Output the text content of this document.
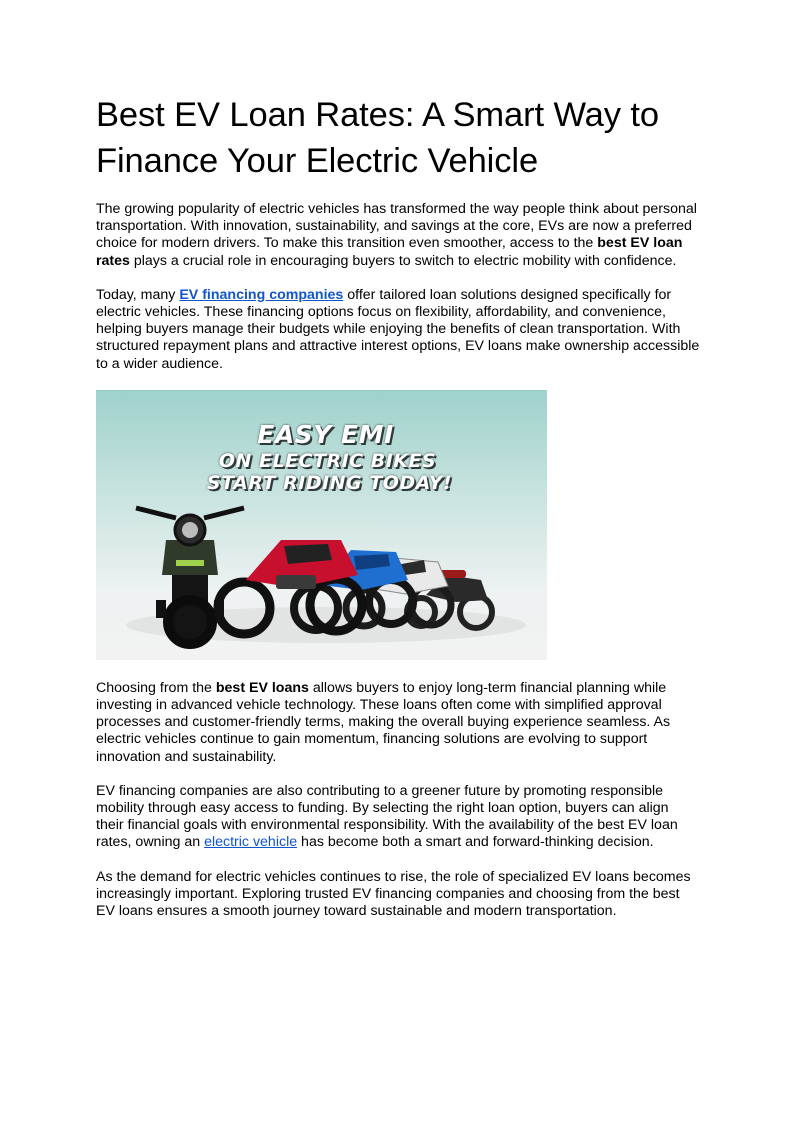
Best EV Loan Rates: A Smart Way to Finance Your Electric Vehicle

The growing popularity of electric vehicles has transformed the way people think about personal transportation. With innovation, sustainability, and savings at the core, EVs are now a preferred choice for modern drivers. To make this transition even smoother, access to the best EV loan rates plays a crucial role in encouraging buyers to switch to electric mobility with confidence.

Today, many EV financing companies offer tailored loan solutions designed specifically for electric vehicles. These financing options focus on flexibility, affordability, and convenience, helping buyers manage their budgets while enjoying the benefits of clean transportation. With structured repayment plans and attractive interest options, EV loans make ownership accessible to a wider audience.

EASY EMI
ON ELECTRIC BIKES
START RIDING TODAY!

Choosing from the best EV loans allows buyers to enjoy long-term financial planning while investing in advanced vehicle technology. These loans often come with simplified approval processes and customer-friendly terms, making the overall buying experience seamless. As electric vehicles continue to gain momentum, financing solutions are evolving to support innovation and sustainability.

EV financing companies are also contributing to a greener future by promoting responsible mobility through easy access to funding. By selecting the right loan option, buyers can align their financial goals with environmental responsibility. With the availability of the best EV loan rates, owning an electric vehicle has become both a smart and forward-thinking decision.

As the demand for electric vehicles continues to rise, the role of specialized EV loans becomes increasingly important. Exploring trusted EV financing companies and choosing from the best EV loans ensures a smooth journey toward sustainable and modern transportation.
